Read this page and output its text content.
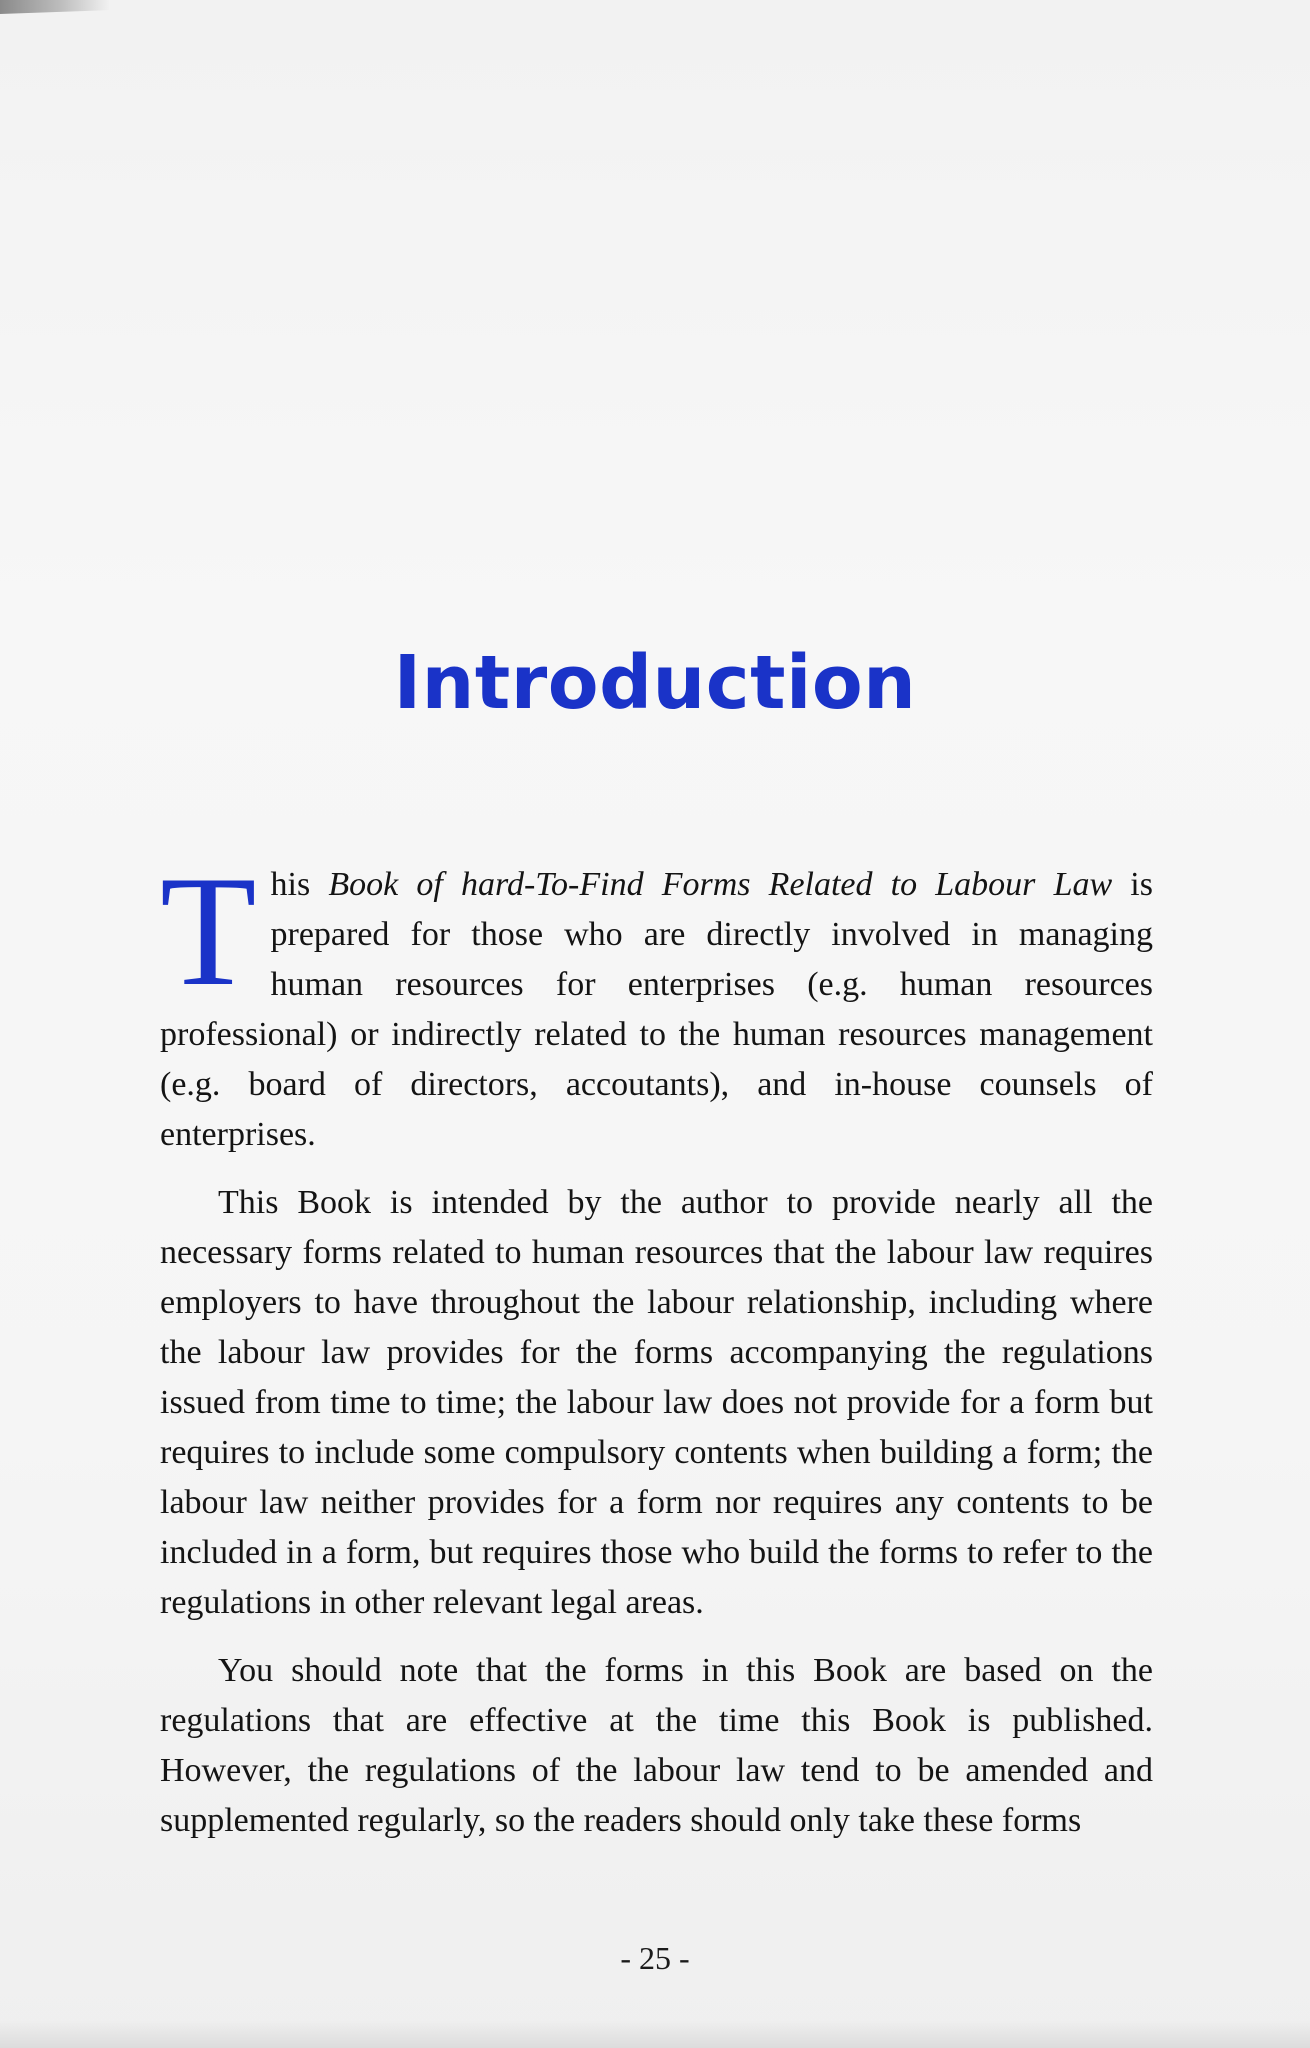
Introduction

This Book of hard-To-Find Forms Related to Labour Law is prepared for those who are directly involved in managing human resources for enterprises (e.g. human resources professional) or indirectly related to the human resources management (e.g. board of directors, accoutants), and in-house counsels of enterprises.

This Book is intended by the author to provide nearly all the necessary forms related to human resources that the labour law requires employers to have throughout the labour relationship, including where the labour law provides for the forms accompanying the regulations issued from time to time; the labour law does not provide for a form but requires to include some compulsory contents when building a form; the labour law neither provides for a form nor requires any contents to be included in a form, but requires those who build the forms to refer to the regulations in other relevant legal areas.

You should note that the forms in this Book are based on the regulations that are effective at the time this Book is published. However, the regulations of the labour law tend to be amended and supplemented regularly, so the readers should only take these forms

- 25 -
